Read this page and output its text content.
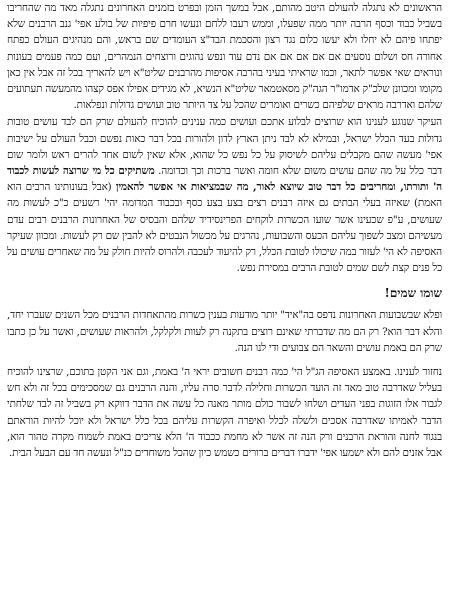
הראשונים לא נתגלה להעולם היטב מהותם, אבל במשך הזמן ובפרט בזמנים האחרונים נתגלה מאד מה שהחריבו בשביל כבוד וכסף הרבה יותר ממה שפעלו, וממש רעבו ללחם ונעשו חרם פיפיות של בולע אפי' גנב הרבנים שלא יפתחו פיהם לא יחלו ולא יעשו כלום נגד רצון והסכמת הבד"צ העומדים שם בראש, והם מנהיגים העולם כפתח אחורה חס ושלום נוסעים אם אם אם אם אם נדם עוד ונפש נהוגים ורוצחים הנמהרים, ועם כמה פעמים בעונות ונוראים שאי אפשר לתאר, וכמו שראיתי בעיני בהרבה אסיפות מהרבנים שליט"א ויש להאריך בכל זה אבל אין כאן מקומו ומכוונן שלכ"ק אדמו"ר הגה"ק מסאטמאר שליט"א הנשיא, לא מגידים אפילו אפס קצהו מהמעשה תעתועים שלהם ואדרבה מראים שלפיהם כשרים ואומרים שהכל על צד היותר טוב ועושים גדולות ונפלאות.

העיקר שנוגע לענינו הוא שרוצים לבלוע אתכם ועושים כמה ענינים להוכיח להעולם שרק הם לבד עושים טובות גדולות בעד הכלל ישראל, ובמילא לא לבד ניתן הארץ לדון ולהורות בכל דבר כאות נפשם וכבל העולם על ישיבות אפי' מעשה שהם מקבלים עליהם לשיסוק על כל נפש כל שהוא, אלא שאין לשום אחד להרים ראש ולומר שום דבר כלל על מה שהם עושים משום שלא חומה ואשר ברכות וכך וכדומה. משתיקים כל מי שרוצה לעשות לכבוד ה' ותורתו, ומחריבים כל דבר טוב שיוצא לאור, מה שבמציאות אי אפשר להאמין (אבל בעונותינו הרבים הוא האמת) שאיזה בעלי הבתים גם איזה רבנים רצים בצע בצע כסף ובכבוד המדומה יהי' רשעים כ"כ לעשות מה שעושים, ע"פ שכעינו אשר שועו הכשרות לוקחים הפרינסידיד שלהם והבסיס של האחרונות הרבנים רבים עדם מעשיהם ומצב לשפוך עליהם הכעס והשבועות, נהרגים על מכשול הנבטים לא להבין שם רק לעשות. ומכוון שעיקר האסיפה לא הי' לעזור במה שיכולו לטובת הכלל, רק להיעוד לעכבה ולהרוס להיות חולק על מה שאחרים עושים על כל פנים קצת לשם שמים לטובת הרבים במסירת נפש.

שומו שמים!

ופלא שבשבועות האחרונות נדפס בה"איד" יותר מודעות בענין כשרות מהתאחדות הרבנים מכל השנים שעברו יחד, והלא דבר הוא? רק הם מה שדברתי שאינם רוצים בתקנה רק לעוות ולקלקל, ולהראות שעושים, ואשר על כן כתבו שרק הם באמת עושים והשאר הם צבועים ודי לנו הנה.

נחזור לענינו. באמצע האסיפה הג"ל הי' כמה רבנים חשובים יראי ה' באמת, וגם אני הקטן בתוכם, שרצינו להוכיח בעליל שאדרבה טוב מאד זה הועד הכשרות וחלילה לדבר סרה עליו, והנה הרבנים גם שמסכימים בכל זה ולא חש לגבור אלו הזוגות בפני העדים ושלחו לשבור כולם מותר מאנה כל עשה את הדבר דווקא רק בשביל זה לבד שלחתי הדבר לאמיתו שאדרבה אסכים ולשלה לכלל ואיפרה הקשרות עליהם בכל כלל ישראל ולא יוכל להיות הוראתם בנגוד לחנה והוראת הרבנים ורק הנה זה אשר לא מחמת ככבוד ה' הלא צריכים באמת לשמוח מקרה טהור הוא, אבל אזנים להם ולא ישמעו אפי' ידברו דברים ברורים כשמש כיון שהכל משוחדים כנ"ל ונעשה חד עם הבעל הבית.
